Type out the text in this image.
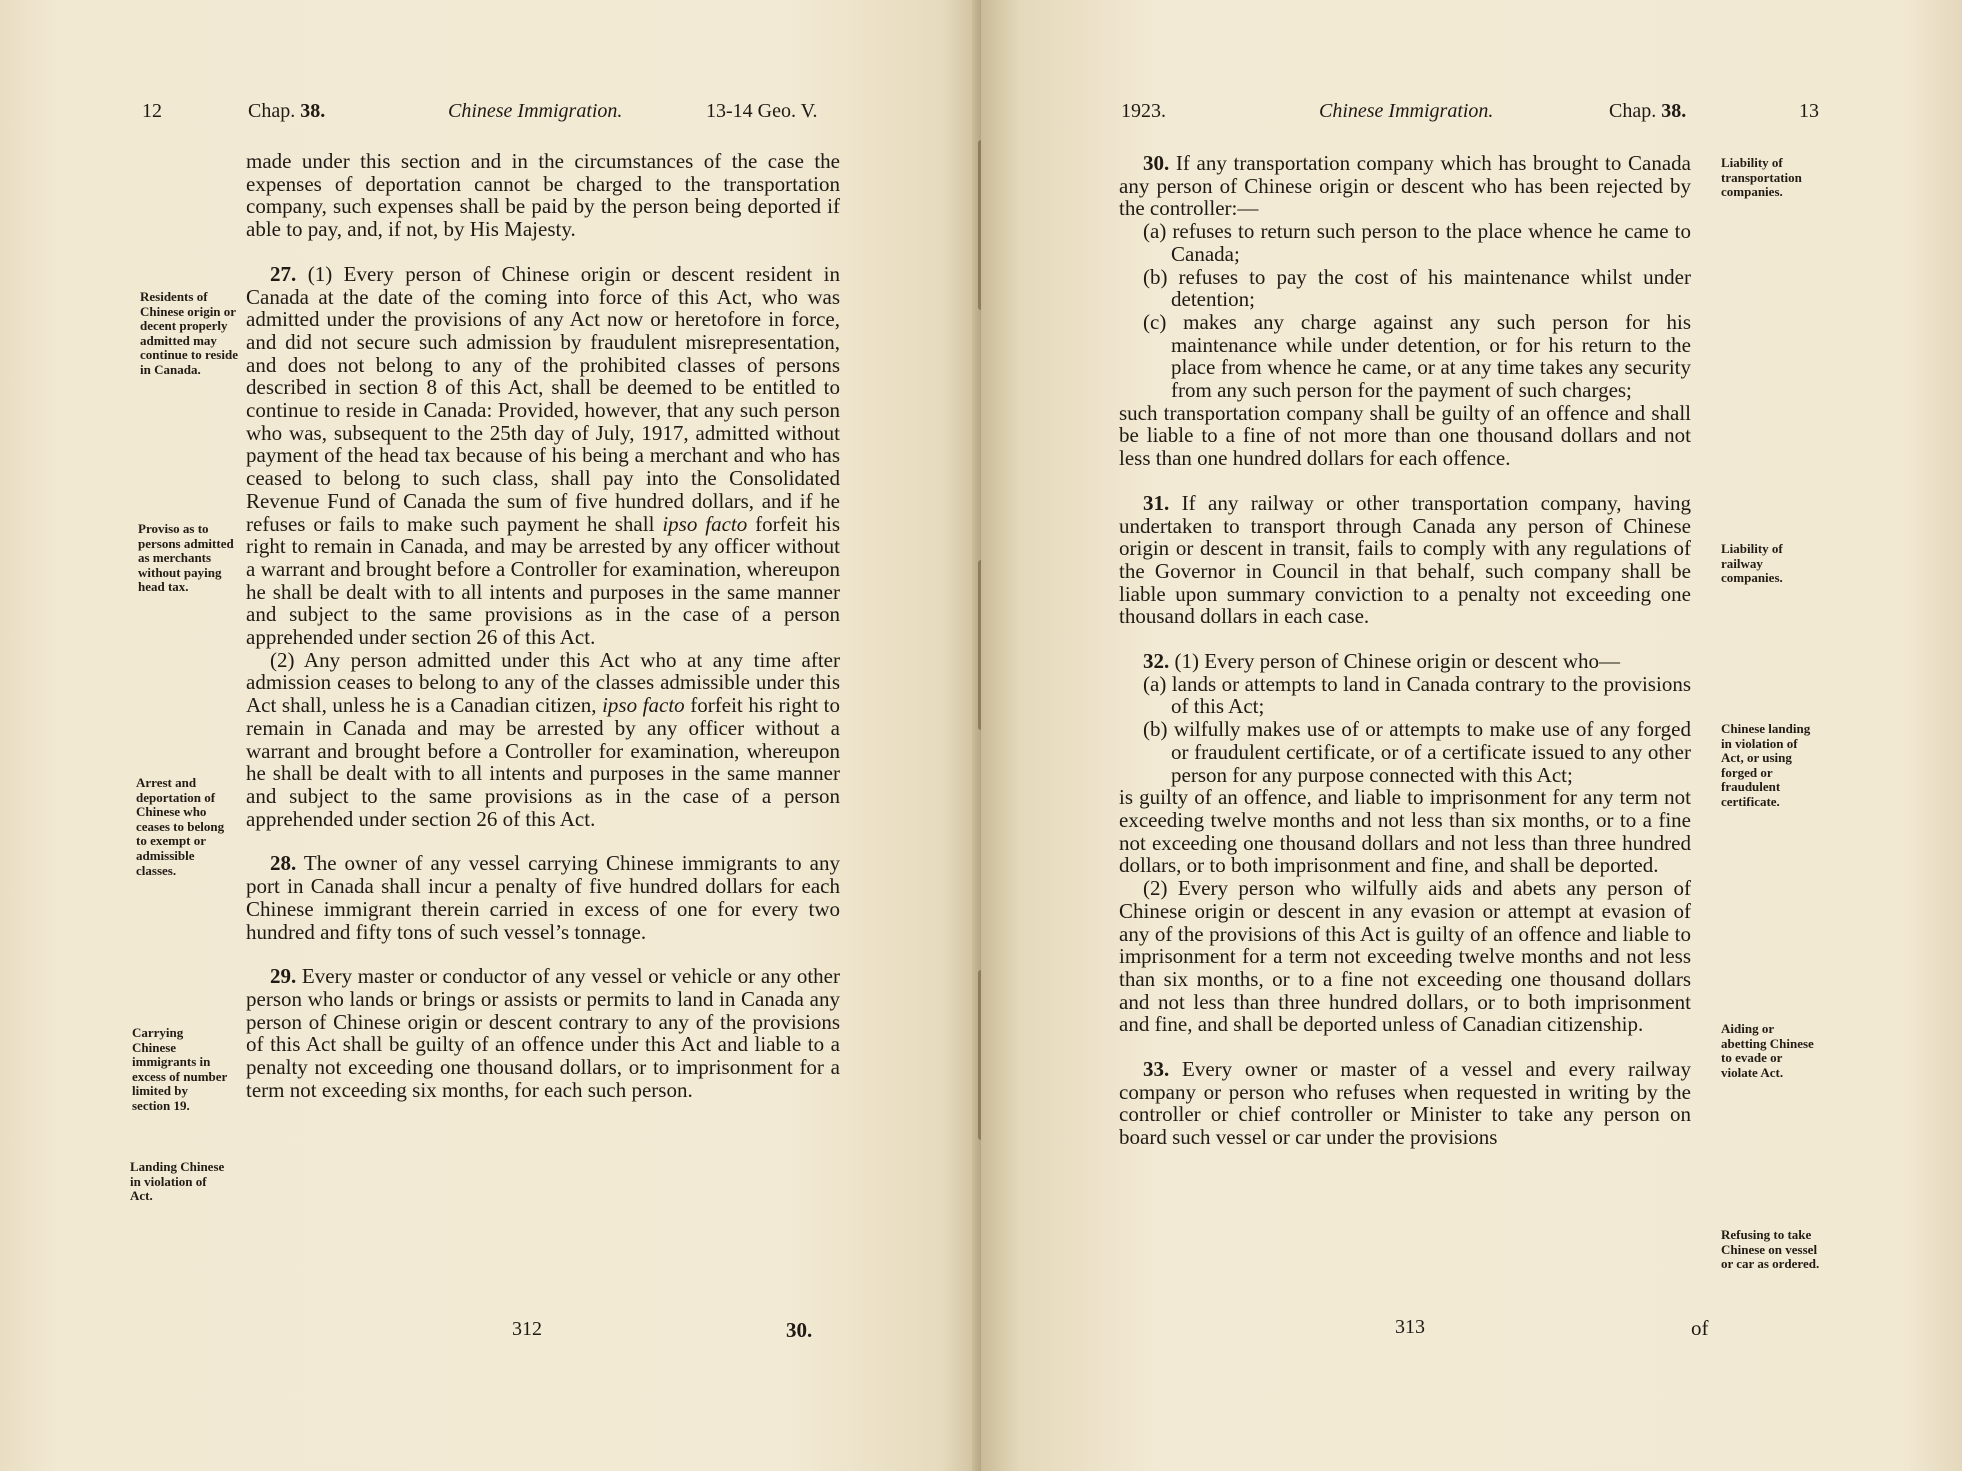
12	Chap. 38.	Chinese Immigration.	13-14 Geo. V.
Residents of Chinese origin or decent properly admitted may continue to reside in Canada.
Proviso as to persons admitted as merchants without paying head tax.
Arrest and deportation of Chinese who ceases to belong to exempt or admissible classes.
Carrying Chinese immigrants in excess of number limited by section 19.
Landing Chinese in violation of Act.

made under this section and in the circumstances of the case the expenses of deportation cannot be charged to the transportation company, such expenses shall be paid by the person being deported if able to pay, and, if not, by His Majesty.

27. (1) Every person of Chinese origin or descent resident in Canada at the date of the coming into force of this Act, who was admitted under the provisions of any Act now or heretofore in force, and did not secure such admission by fraudulent misrepresentation, and does not belong to any of the prohibited classes of persons described in section 8 of this Act, shall be deemed to be entitled to continue to reside in Canada: Provided, however, that any such person who was, subsequent to the 25th day of July, 1917, admitted without payment of the head tax because of his being a merchant and who has ceased to belong to such class, shall pay into the Consolidated Revenue Fund of Canada the sum of five hundred dollars, and if he refuses or fails to make such payment he shall ipso facto forfeit his right to remain in Canada, and may be arrested by any officer without a warrant and brought before a Controller for examination, whereupon he shall be dealt with to all intents and purposes in the same manner and subject to the same provisions as in the case of a person apprehended under section 26 of this Act.

(2) Any person admitted under this Act who at any time after admission ceases to belong to any of the classes admissible under this Act shall, unless he is a Canadian citizen, ipso facto forfeit his right to remain in Canada and may be arrested by any officer without a warrant and brought before a Controller for examination, whereupon he shall be dealt with to all intents and purposes in the same manner and subject to the same provisions as in the case of a person apprehended under section 26 of this Act.

28. The owner of any vessel carrying Chinese immigrants to any port in Canada shall incur a penalty of five hundred dollars for each Chinese immigrant therein carried in excess of one for every two hundred and fifty tons of such vessel’s tonnage.

29. Every master or conductor of any vessel or vehicle or any other person who lands or brings or assists or permits to land in Canada any person of Chinese origin or descent contrary to any of the provisions of this Act shall be guilty of an offence under this Act and liable to a penalty not exceeding one thousand dollars, or to imprisonment for a term not exceeding six months, for each such person.

312	30.
1923.	Chinese Immigration.	Chap. 38.	13

30. If any transportation company which has brought to Canada any person of Chinese origin or descent who has been rejected by the controller:—

(a) refuses to return such person to the place whence he came to Canada;

(b) refuses to pay the cost of his maintenance whilst under detention;

(c) makes any charge against any such person for his maintenance while under detention, or for his return to the place from whence he came, or at any time takes any security from any such person for the payment of such charges;

such transportation company shall be guilty of an offence and shall be liable to a fine of not more than one thousand dollars and not less than one hundred dollars for each offence.

31. If any railway or other transportation company, having undertaken to transport through Canada any person of Chinese origin or descent in transit, fails to comply with any regulations of the Governor in Council in that behalf, such company shall be liable upon summary conviction to a penalty not exceeding one thousand dollars in each case.

32. (1) Every person of Chinese origin or descent who—

(a) lands or attempts to land in Canada contrary to the provisions of this Act;

(b) wilfully makes use of or attempts to make use of any forged or fraudulent certificate, or of a certificate issued to any other person for any purpose connected with this Act;

is guilty of an offence, and liable to imprisonment for any term not exceeding twelve months and not less than six months, or to a fine not exceeding one thousand dollars and not less than three hundred dollars, or to both imprisonment and fine, and shall be deported.

(2) Every person who wilfully aids and abets any person of Chinese origin or descent in any evasion or attempt at evasion of any of the provisions of this Act is guilty of an offence and liable to imprisonment for a term not exceeding twelve months and not less than six months, or to a fine not exceeding one thousand dollars and not less than three hundred dollars, or to both imprisonment and fine, and shall be deported unless of Canadian citizenship.

33. Every owner or master of a vessel and every railway company or person who refuses when requested in writing by the controller or chief controller or Minister to take any person on board such vessel or car under the provisions

Liability of transportation companies.
Liability of railway companies.
Chinese landing in violation of Act, or using forged or fraudulent certificate.
Aiding or abetting Chinese to evade or violate Act.
Refusing to take Chinese on vessel or car as ordered.
313	of
